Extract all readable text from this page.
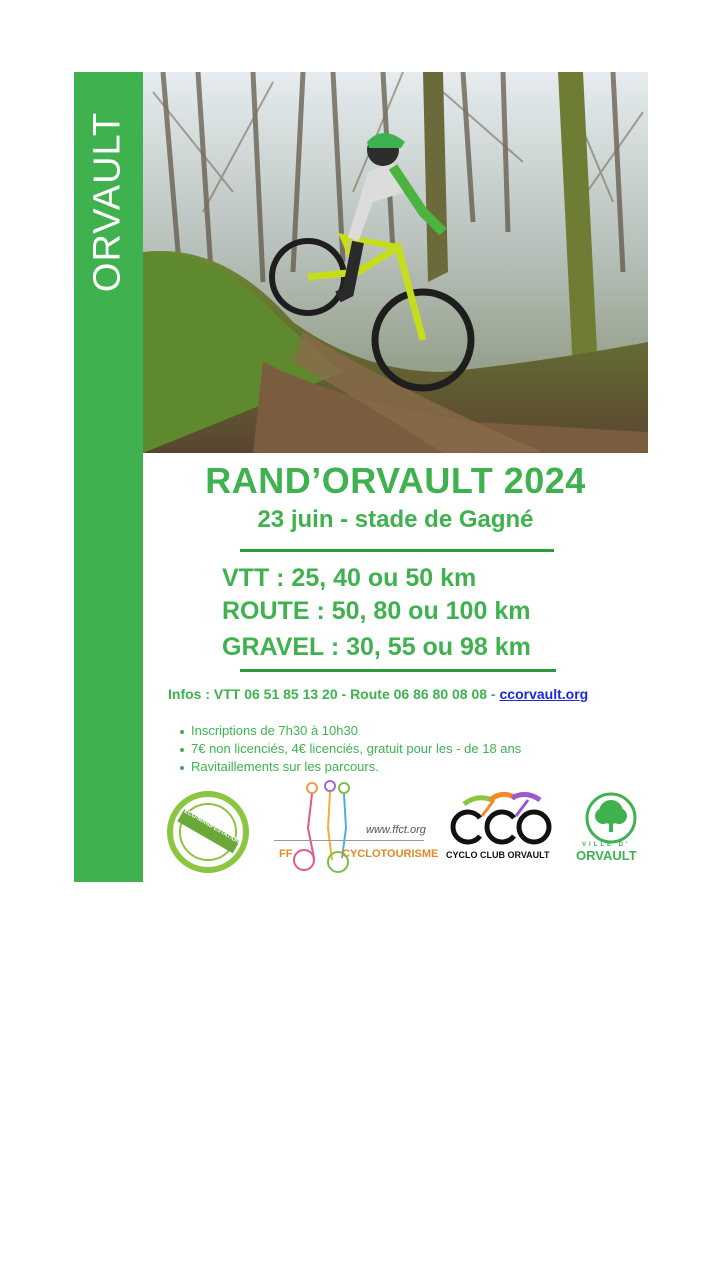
ORVAULT
RAND’ORVAULT 2024
23 juin - stade de Gagné
VTT : 25, 40 ou 50 km
ROUTE : 50, 80 ou 100 km
GRAVEL : 30, 55 ou 98 km
Infos : VTT 06 51 85 13 20 - Route 06 86 80 08 08 - ccorvault.org
Inscriptions de 7h30 à 10h30
7€ non licenciés, 4€ licenciés, gratuit pour les - de 18 ans
Ravitaillements sur les parcours.
ECO-MANIFESTATION	www.ffct.org
FF	CYCLOTOURISME CYCLO CLUB ORVAULT
VILLE D'
ORVAULT
